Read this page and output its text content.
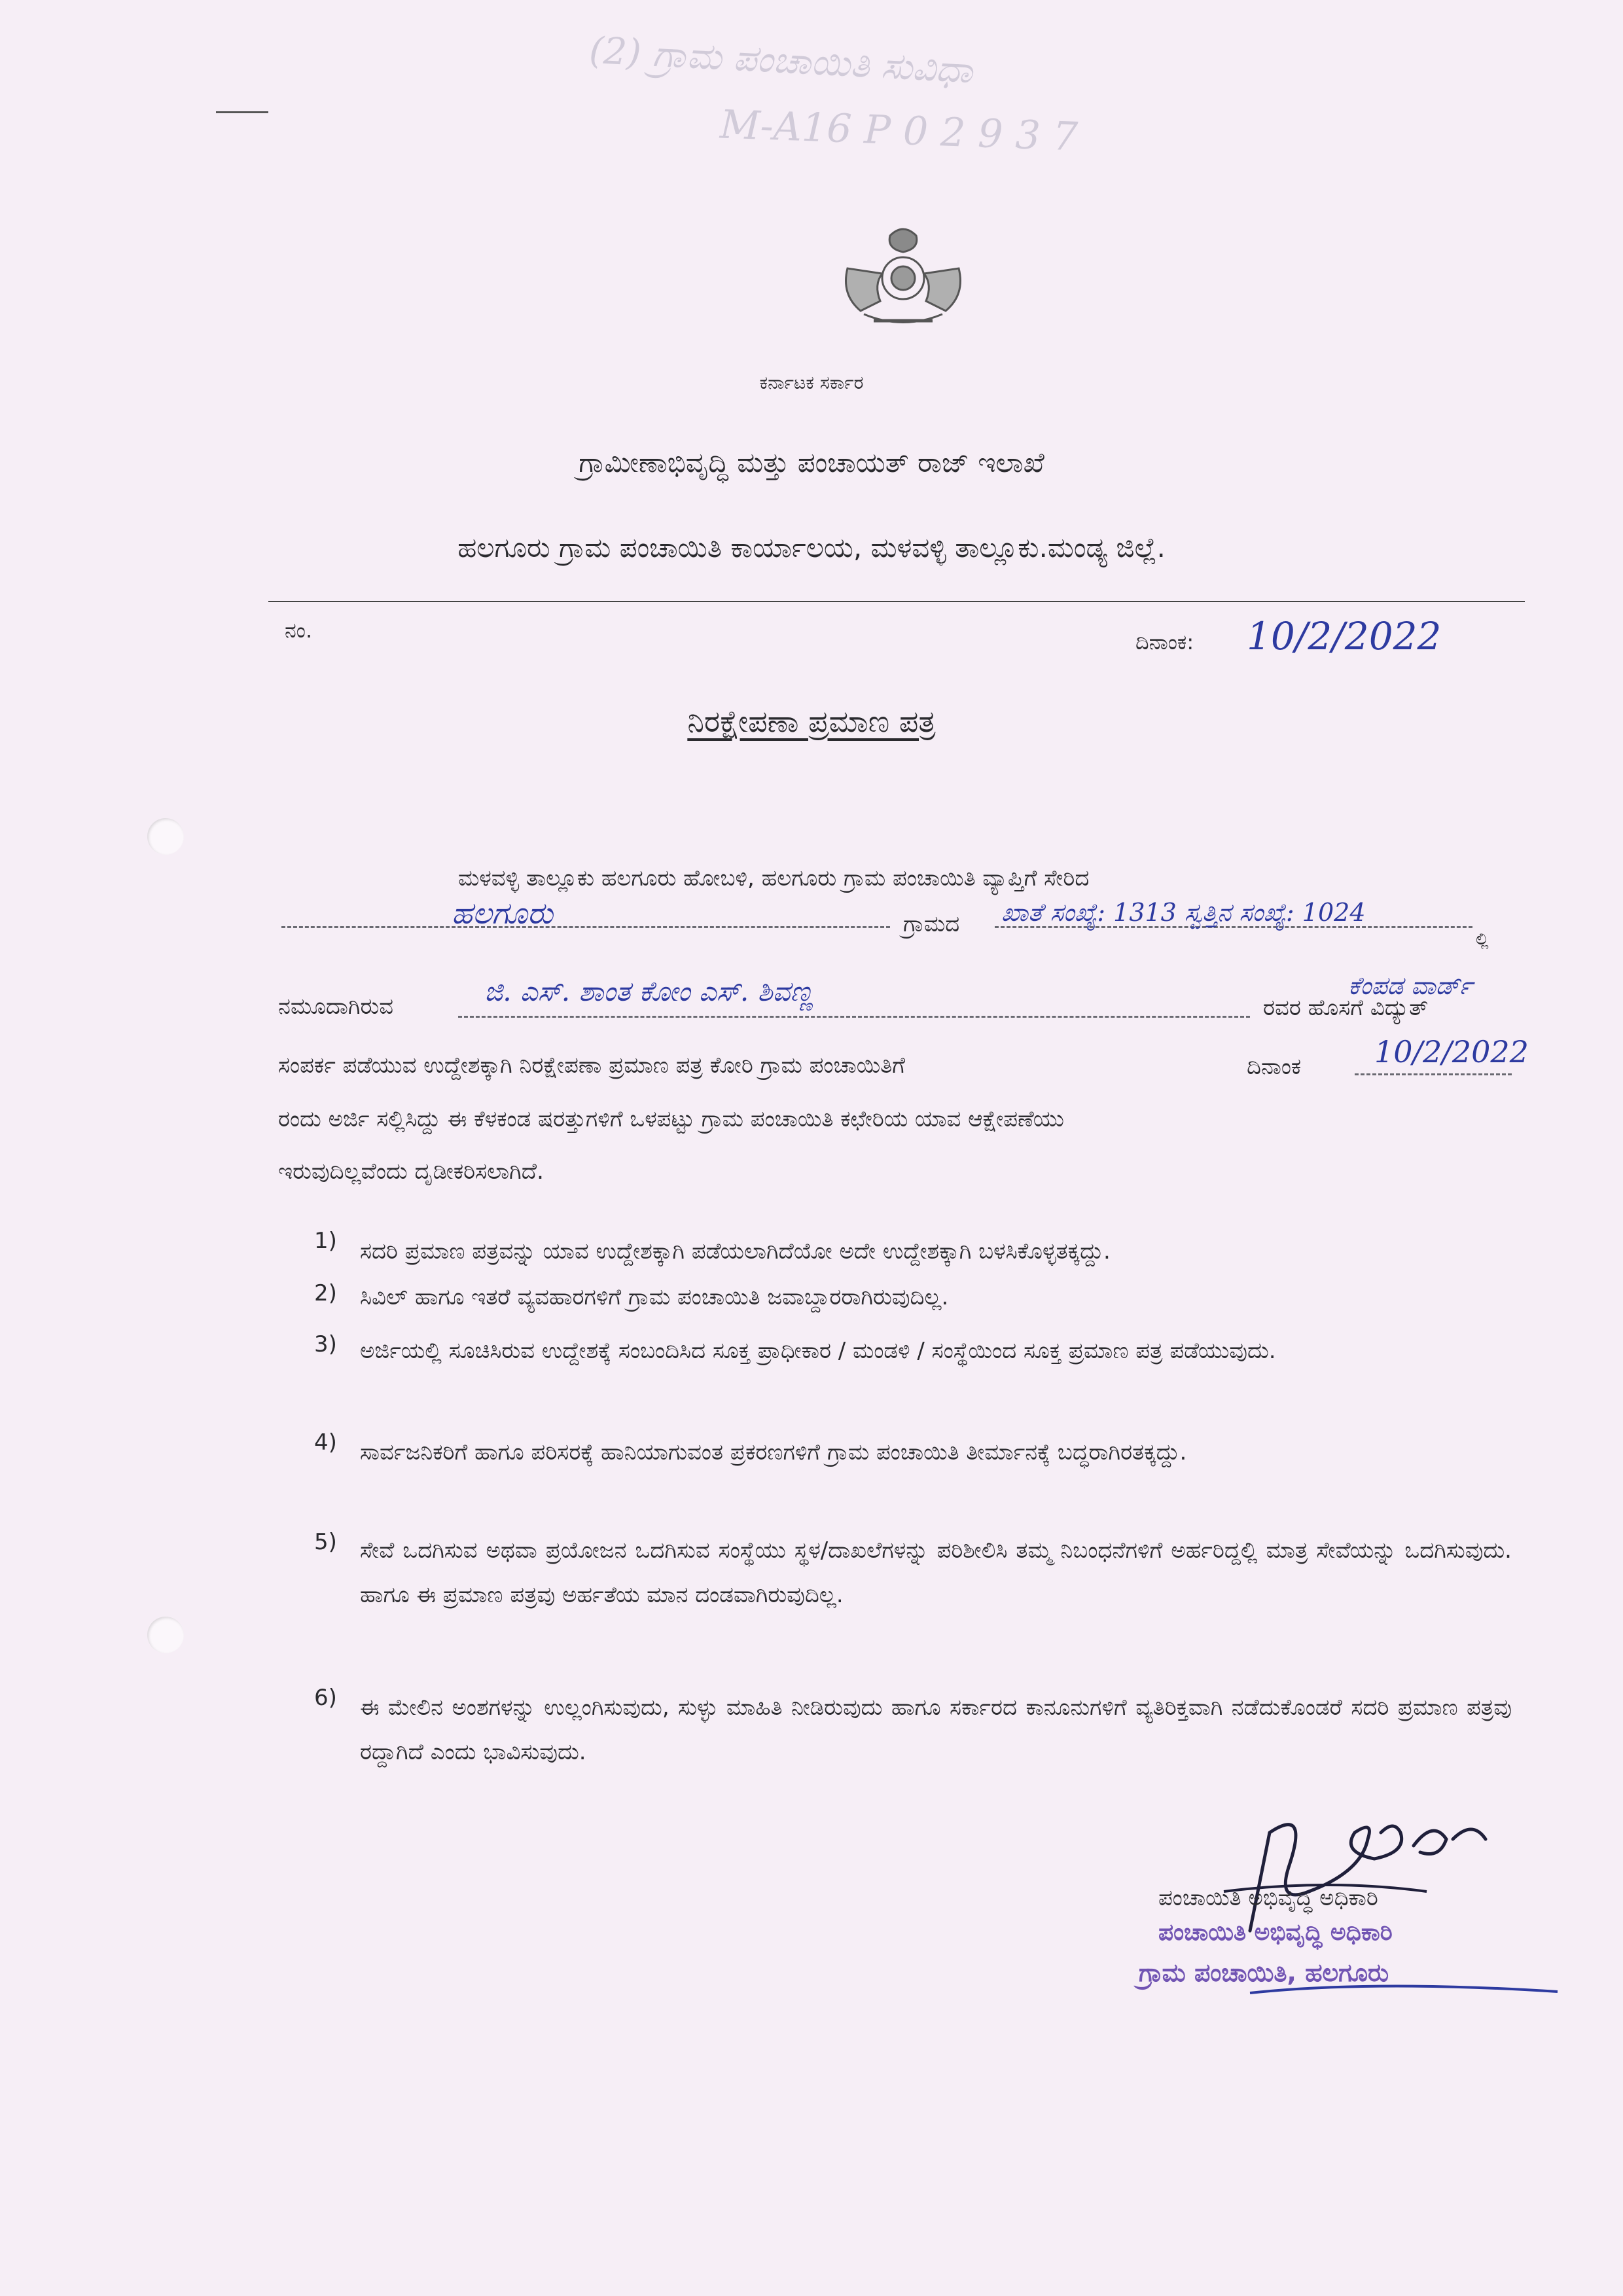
(2) ಗ್ರಾಮ ಪಂಚಾಯಿತಿ ಸುವಿಧಾ
M-A16 P 0 2 9 3 7
ಕರ್ನಾಟಕ ಸರ್ಕಾರ
ಗ್ರಾಮೀಣಾಭಿವೃದ್ಧಿ ಮತ್ತು ಪಂಚಾಯತ್ ರಾಜ್ ಇಲಾಖೆ
ಹಲಗೂರು ಗ್ರಾಮ ಪಂಚಾಯಿತಿ ಕಾರ್ಯಾಲಯ, ಮಳವಳ್ಳಿ ತಾಲ್ಲೂಕು.ಮಂಡ್ಯ ಜಿಲ್ಲೆ.
ನಂ.	ದಿನಾಂಕ: 10/2/2022
ನಿರಕ್ಷೇಪಣಾ ಪ್ರಮಾಣ ಪತ್ರ
ಮಳವಳ್ಳಿ ತಾಲ್ಲೂಕು ಹಲಗೂರು ಹೋಬಳಿ, ಹಲಗೂರು ಗ್ರಾಮ ಪಂಚಾಯಿತಿ ವ್ಯಾಪ್ತಿಗೆ ಸೇರಿದ
ಹಲಗೂರು	ಗ್ರಾಮದ ಖಾತೆ ಸಂಖ್ಯೆ: 1313 ಸ್ವತ್ತಿನ ಸಂಖ್ಯೆ: 1024
ಲ್ಲಿ
ನಮೂದಾಗಿರುವ	ಜಿ. ಎಸ್. ಶಾಂತ ಕೋಂ ಎಸ್. ಶಿವಣ್ಣ
ರವರ ಹೊಸಗೆ ವಿದ್ಯುತ್
ಕೆಂಪಡ ವಾರ್ಡ್
ಸಂಪರ್ಕ ಪಡೆಯುವ ಉದ್ದೇಶಕ್ಕಾಗಿ ನಿರಕ್ಷೇಪಣಾ ಪ್ರಮಾಣ ಪತ್ರ ಕೋರಿ ಗ್ರಾಮ ಪಂಚಾಯಿತಿಗೆ	ದಿನಾಂಕ 10/2/2022
ರಂದು ಅರ್ಜಿ ಸಲ್ಲಿಸಿದ್ದು ಈ ಕೆಳಕಂಡ ಷರತ್ತುಗಳಿಗೆ ಒಳಪಟ್ಟು ಗ್ರಾಮ ಪಂಚಾಯಿತಿ ಕಛೇರಿಯ ಯಾವ ಆಕ್ಷೇಪಣೆಯು
ಇರುವುದಿಲ್ಲವೆಂದು ದೃಡೀಕರಿಸಲಾಗಿದೆ.
1) ಸದರಿ ಪ್ರಮಾಣ ಪತ್ರವನ್ನು ಯಾವ ಉದ್ದೇಶಕ್ಕಾಗಿ ಪಡೆಯಲಾಗಿದೆಯೋ ಅದೇ ಉದ್ದೇಶಕ್ಕಾಗಿ ಬಳಸಿಕೊಳ್ಳತಕ್ಕದ್ದು.
2) ಸಿವಿಲ್ ಹಾಗೂ ಇತರೆ ವ್ಯವಹಾರಗಳಿಗೆ ಗ್ರಾಮ ಪಂಚಾಯಿತಿ ಜವಾಬ್ದಾರರಾಗಿರುವುದಿಲ್ಲ.
3) ಅರ್ಜಿಯಲ್ಲಿ ಸೂಚಿಸಿರುವ ಉದ್ದೇಶಕ್ಕೆ ಸಂಬಂದಿಸಿದ ಸೂಕ್ತ ಪ್ರಾಧೀಕಾರ / ಮಂಡಳಿ / ಸಂಸ್ಥೆಯಿಂದ ಸೂಕ್ತ ಪ್ರಮಾಣ ಪತ್ರ ಪಡೆಯುವುದು.
4) ಸಾರ್ವಜನಿಕರಿಗೆ ಹಾಗೂ ಪರಿಸರಕ್ಕೆ ಹಾನಿಯಾಗುವಂತ ಪ್ರಕರಣಗಳಿಗೆ ಗ್ರಾಮ ಪಂಚಾಯಿತಿ ತೀರ್ಮಾನಕ್ಕೆ ಬದ್ಧರಾಗಿರತಕ್ಕದ್ದು.
5) ಸೇವೆ ಒದಗಿಸುವ ಅಥವಾ ಪ್ರಯೋಜನ ಒದಗಿಸುವ ಸಂಸ್ಥೆಯು ಸ್ಥಳ/ದಾಖಲೆಗಳನ್ನು ಪರಿಶೀಲಿಸಿ ತಮ್ಮ ನಿಬಂಧನೆಗಳಿಗೆ ಅರ್ಹರಿದ್ದಲ್ಲಿ ಮಾತ್ರ ಸೇವೆಯನ್ನು ಒದಗಿಸುವುದು. ಹಾಗೂ ಈ ಪ್ರಮಾಣ ಪತ್ರವು ಅರ್ಹತೆಯ ಮಾನ ದಂಡವಾಗಿರುವುದಿಲ್ಲ.
6) ಈ ಮೇಲಿನ ಅಂಶಗಳನ್ನು ಉಲ್ಲಂಗಿಸುವುದು, ಸುಳ್ಳು ಮಾಹಿತಿ ನೀಡಿರುವುದು ಹಾಗೂ ಸರ್ಕಾರದ ಕಾನೂನುಗಳಿಗೆ ವ್ಯತಿರಿಕ್ತವಾಗಿ ನಡೆದುಕೊಂಡರೆ ಸದರಿ ಪ್ರಮಾಣ ಪತ್ರವು ರದ್ದಾಗಿದೆ ಎಂದು ಭಾವಿಸುವುದು.
ಪಂಚಾಯಿತಿ ಅಭಿವೃದ್ಧಿ ಅಧಿಕಾರಿ
ಪಂಚಾಯಿತಿ ಅಭಿವೃದ್ಧಿ ಅಧಿಕಾರಿ
ಗ್ರಾಮ ಪಂಚಾಯಿತಿ, ಹಲಗೂರು
